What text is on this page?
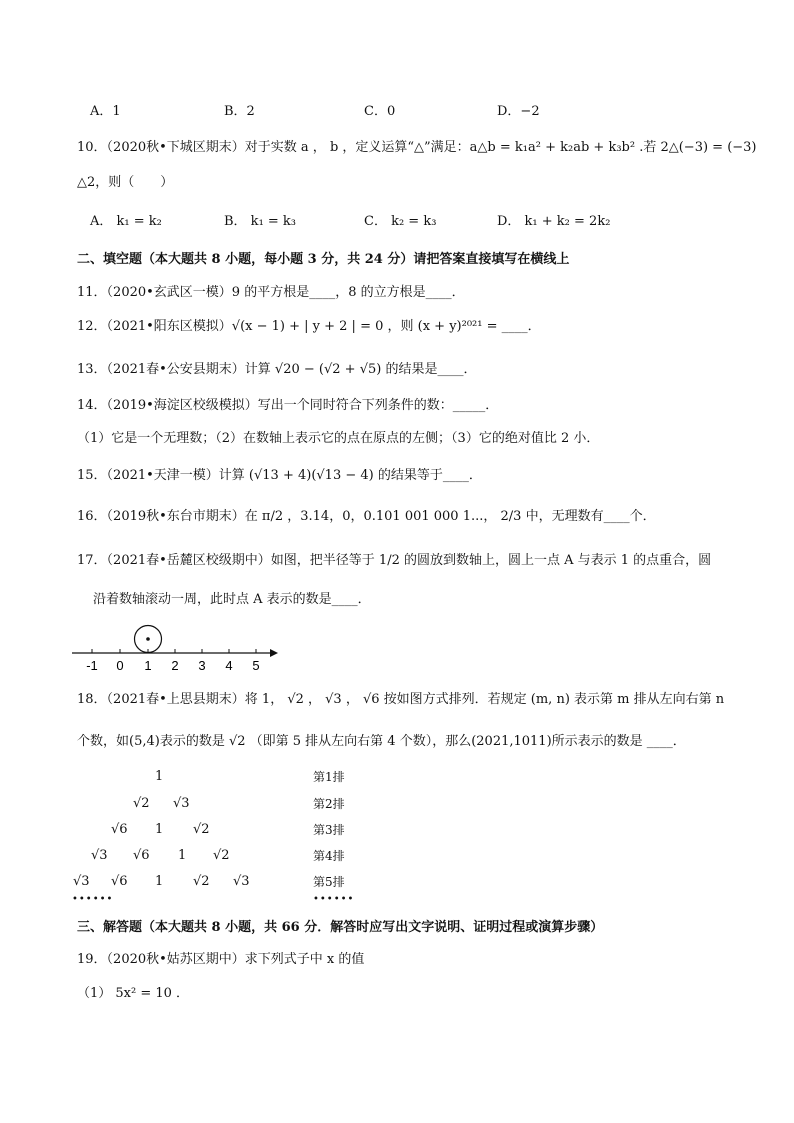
A．1	B．2	C．0	D．−2
10．（2020秋•下城区期末）对于实数 a ， b ，定义运算“△”满足：a△b = k₁a² + k₂ab + k₃b² .若 2△(−3) = (−3)
△2，则（　　）
A． k₁ = k₂	B． k₁ = k₃	C． k₂ = k₃	D． k₁ + k₂ = 2k₂
二、填空题（本大题共 8 小题，每小题 3 分，共 24 分）请把答案直接填写在横线上
11．（2020•玄武区一模）9 的平方根是____，8 的立方根是____．
12．（2021•阳东区模拟）√(x − 1) + | y + 2 | = 0 ，则 (x + y)²⁰²¹ = ____．
13．（2021春•公安县期末）计算 √20 − (√2 + √5) 的结果是____．
14．（2019•海淀区校级模拟）写出一个同时符合下列条件的数：_____．
（1）它是一个无理数；（2）在数轴上表示它的点在原点的左侧；（3）它的绝对值比 2 小．
15．（2021•天津一模）计算 (√13 + 4)(√13 − 4) 的结果等于____．
16．（2019秋•东台市期末）在 π/2 ，3.14，0，0.101 001 000 1...， 2/3 中，无理数有____个．
17．（2021春•岳麓区校级期中）如图，把半径等于 1/2 的圆放到数轴上，圆上一点 A 与表示 1 的点重合，圆
沿着数轴滚动一周，此时点 A 表示的数是____．
-1 0 1 2 3 4 5
18．（2021春•上思县期末）将 1， √2 ， √3 ， √6 按如图方式排列．若规定 (m, n) 表示第 m 排从左向右第 n
个数，如(5,4)表示的数是 √2 （即第 5 排从左向右第 4 个数），那么(2021,1011)所示表示的数是 ____．
1	第1排
√2 √3	第2排
√6 1 √2	第3排
√3 √6 1 √2	第4排
√3 √6 1 √2 √3	第5排
••••••	••••••
三、解答题（本大题共 8 小题，共 66 分．解答时应写出文字说明、证明过程或演算步骤）
19．（2020秋•姑苏区期中）求下列式子中 x 的值
（1） 5x² = 10 ．
